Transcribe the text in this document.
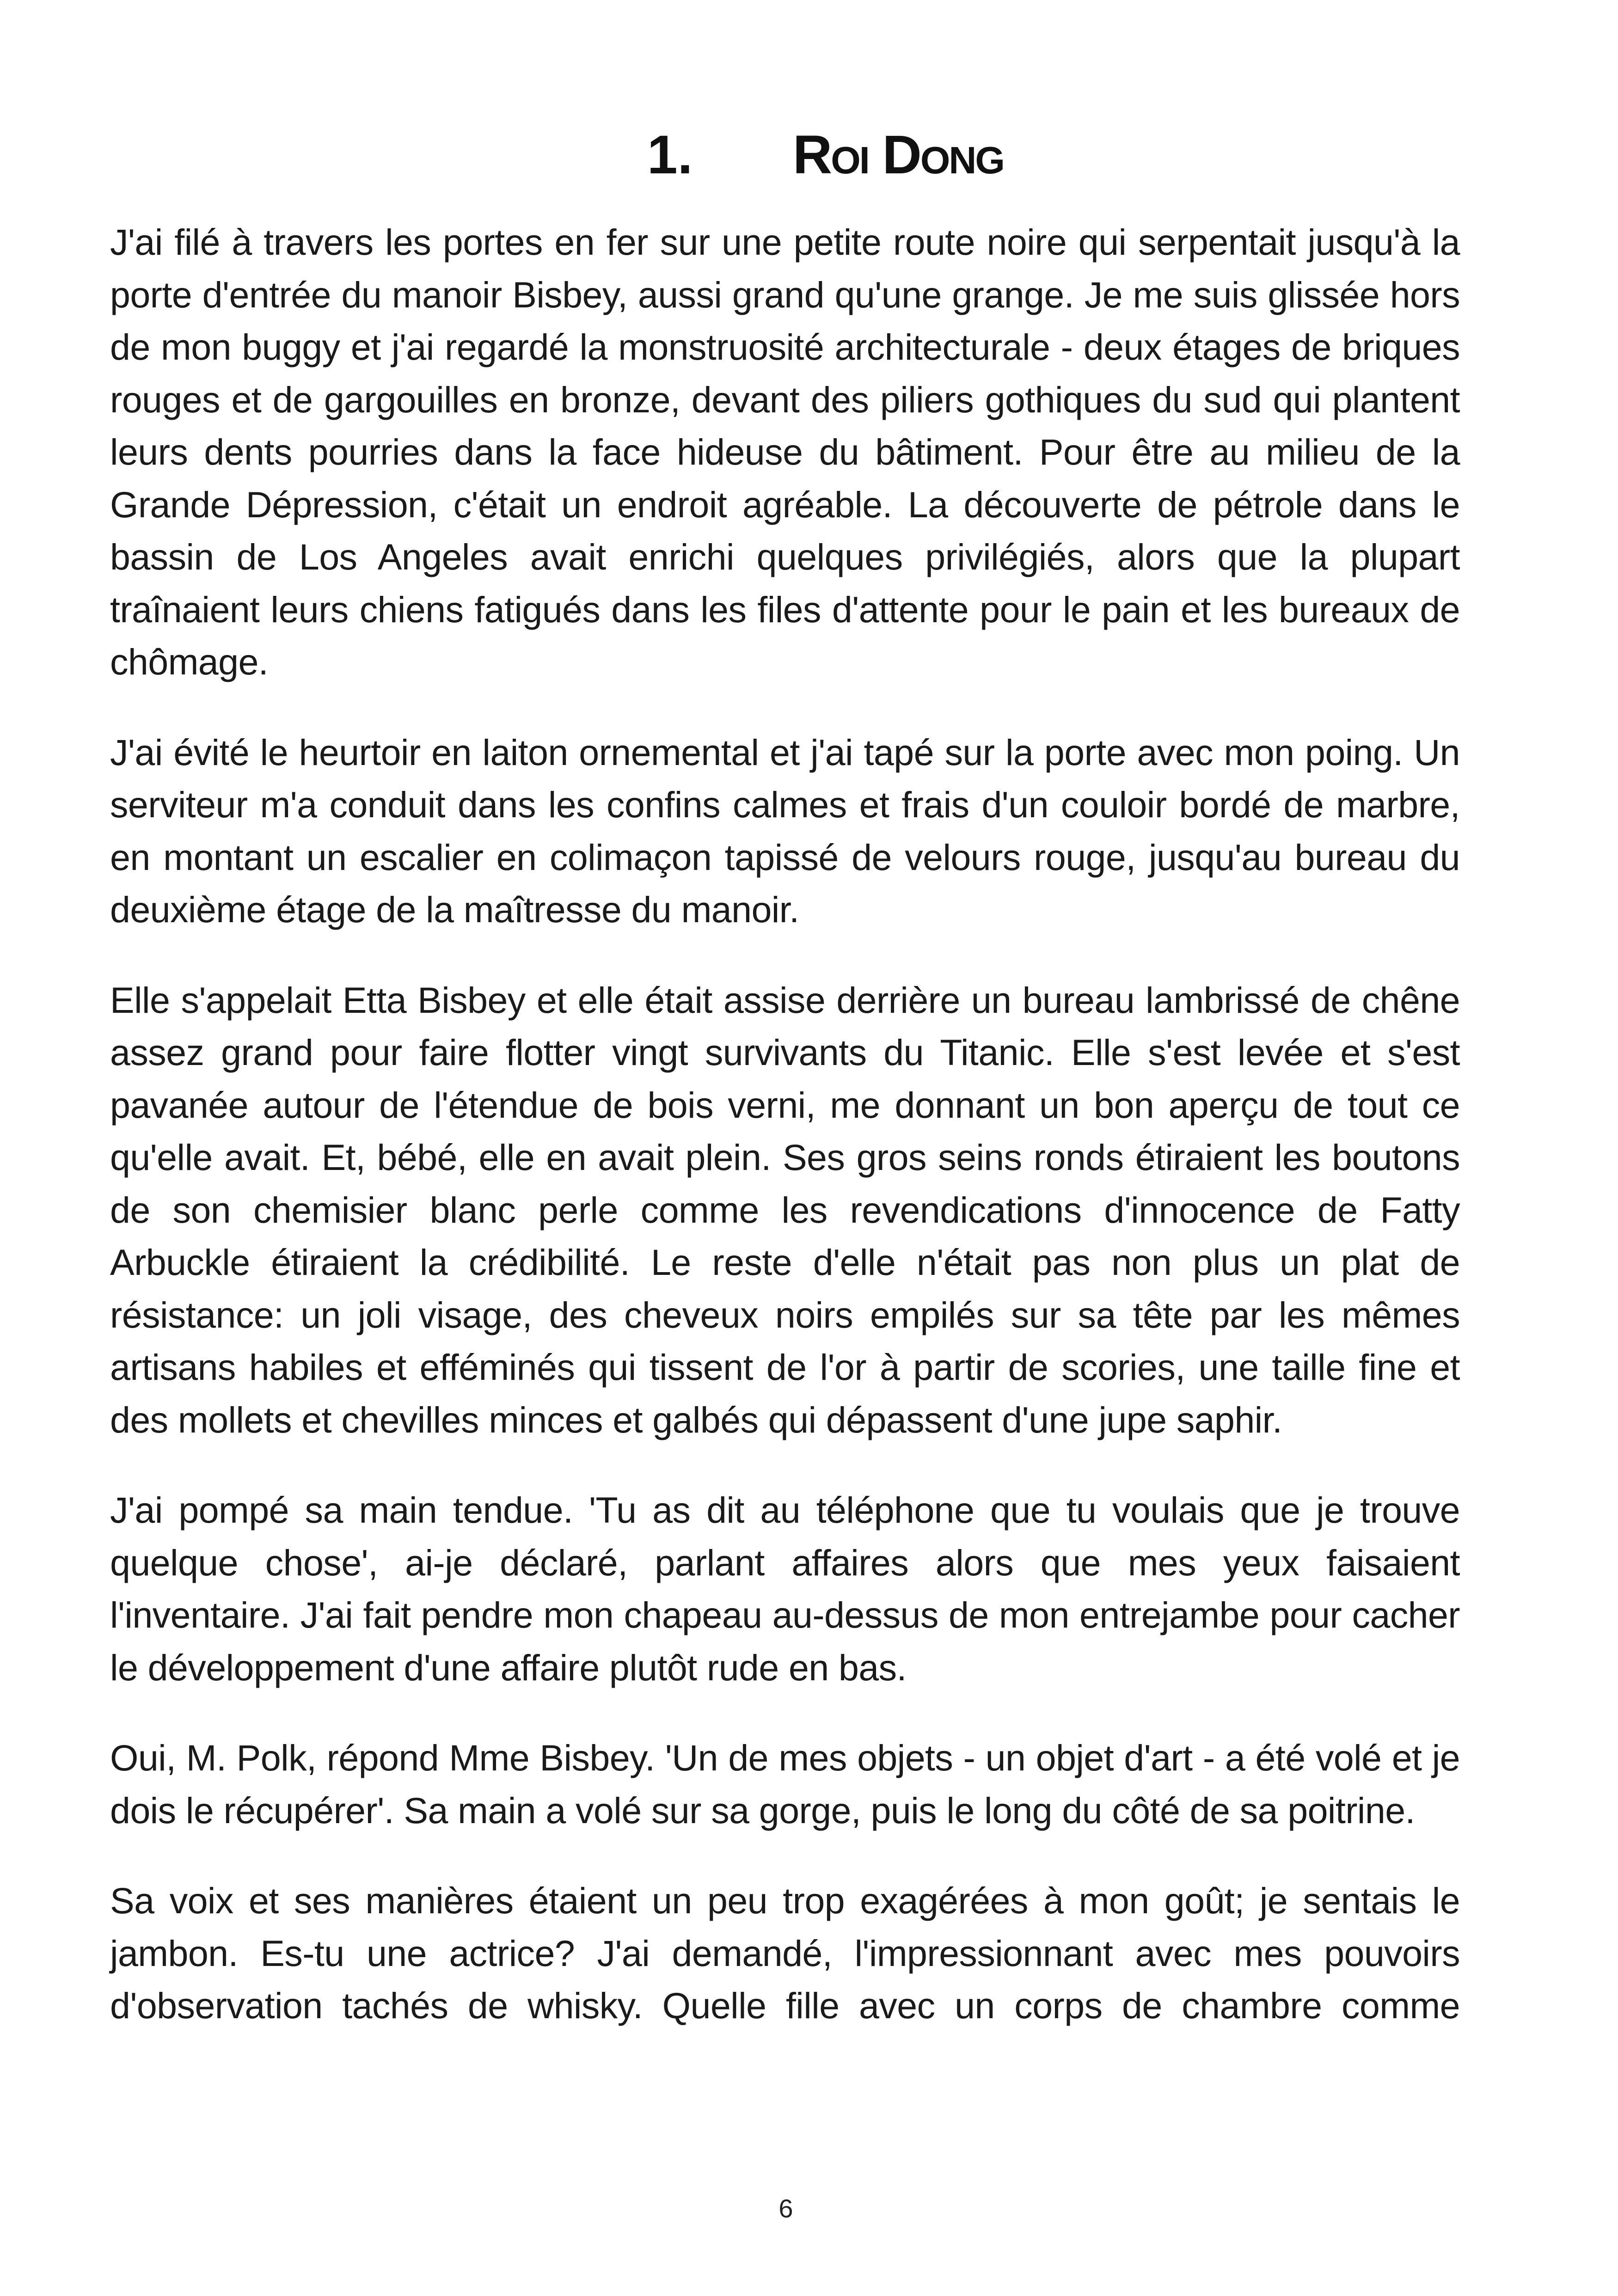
1. Roi Dong

J'ai filé à travers les portes en fer sur une petite route noire qui serpentait jusqu'à la porte d'entrée du manoir Bisbey, aussi grand qu'une grange. Je me suis glissée hors de mon buggy et j'ai regardé la monstruosité architecturale - deux étages de briques rouges et de gargouilles en bronze, devant des piliers gothiques du sud qui plantent leurs dents pourries dans la face hideuse du bâtiment. Pour être au milieu de la Grande Dépression, c'était un endroit agréable. La découverte de pétrole dans le bassin de Los Angeles avait enrichi quelques privilégiés, alors que la plupart traînaient leurs chiens fatigués dans les files d'attente pour le pain et les bureaux de chômage.

J'ai évité le heurtoir en laiton ornemental et j'ai tapé sur la porte avec mon poing. Un serviteur m'a conduit dans les confins calmes et frais d'un couloir bordé de marbre, en montant un escalier en colimaçon tapissé de velours rouge, jusqu'au bureau du deuxième étage de la maîtresse du manoir.

Elle s'appelait Etta Bisbey et elle était assise derrière un bureau lambrissé de chêne assez grand pour faire flotter vingt survivants du Titanic. Elle s'est levée et s'est pavanée autour de l'étendue de bois verni, me donnant un bon aperçu de tout ce qu'elle avait. Et, bébé, elle en avait plein. Ses gros seins ronds étiraient les boutons de son chemisier blanc perle comme les revendications d'innocence de Fatty Arbuckle étiraient la crédibilité. Le reste d'elle n'était pas non plus un plat de résistance: un joli visage, des cheveux noirs empilés sur sa tête par les mêmes artisans habiles et efféminés qui tissent de l'or à partir de scories, une taille fine et des mollets et chevilles minces et galbés qui dépassent d'une jupe saphir.

J'ai pompé sa main tendue. 'Tu as dit au téléphone que tu voulais que je trouve quelque chose', ai-je déclaré, parlant affaires alors que mes yeux faisaient l'inventaire. J'ai fait pendre mon chapeau au-dessus de mon entrejambe pour cacher le développement d'une affaire plutôt rude en bas.

Oui, M. Polk, répond Mme Bisbey. 'Un de mes objets - un objet d'art - a été volé et je dois le récupérer'. Sa main a volé sur sa gorge, puis le long du côté de sa poitrine.

Sa voix et ses manières étaient un peu trop exagérées à mon goût; je sentais le jambon. Es-tu une actrice? J'ai demandé, l'impressionnant avec mes pouvoirs d'observation tachés de whisky. Quelle fille avec un corps de chambre comme

6
